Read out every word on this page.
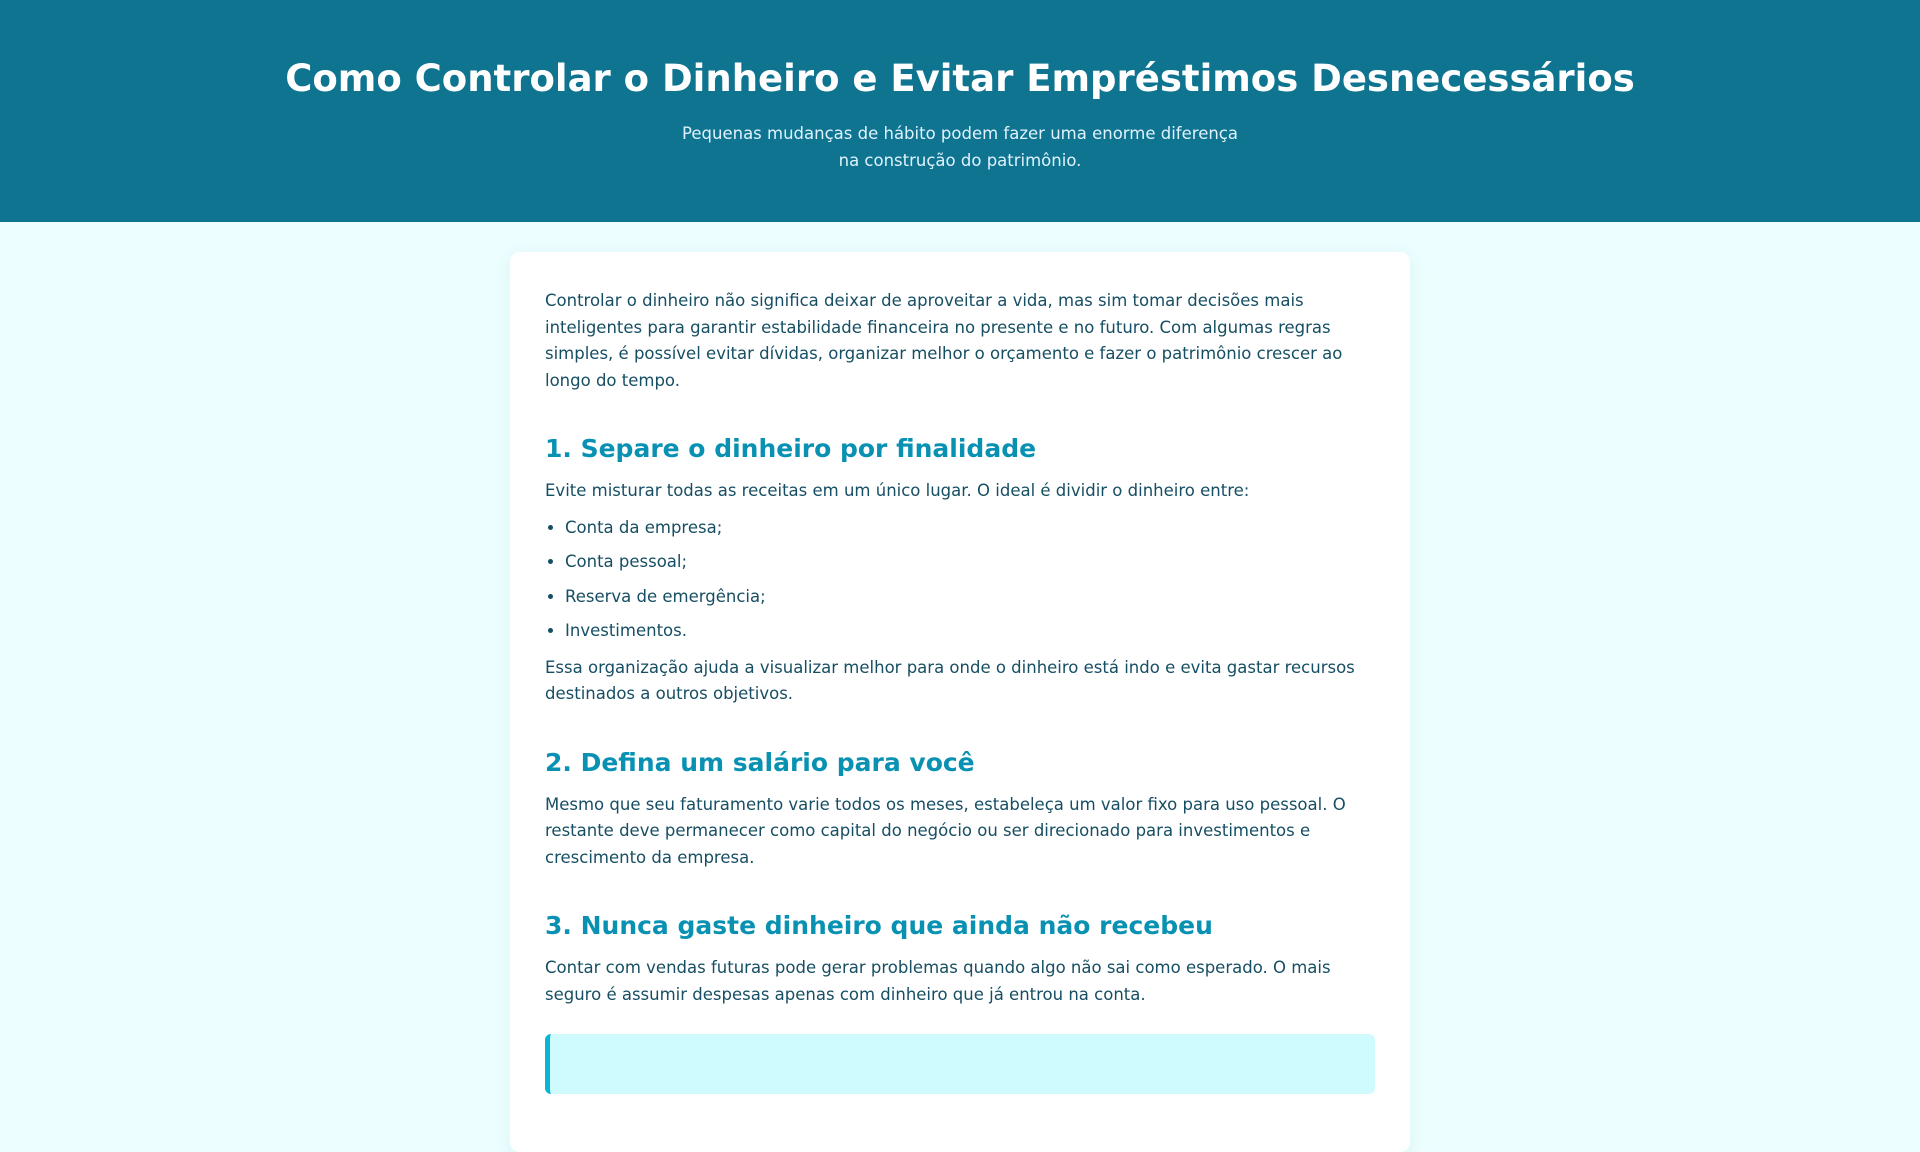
Como Controlar o Dinheiro e Evitar Empréstimos Desnecessários

Pequenas mudanças de hábito podem fazer uma enorme diferença na construção do patrimônio.

Controlar o dinheiro não significa deixar de aproveitar a vida, mas sim tomar decisões mais inteligentes para garantir estabilidade financeira no presente e no futuro. Com algumas regras simples, é possível evitar dívidas, organizar melhor o orçamento e fazer o patrimônio crescer ao longo do tempo.

1. Separe o dinheiro por finalidade

Evite misturar todas as receitas em um único lugar. O ideal é dividir o dinheiro entre:

• Conta da empresa;
• Conta pessoal;
• Reserva de emergência;
• Investimentos.

Essa organização ajuda a visualizar melhor para onde o dinheiro está indo e evita gastar recursos destinados a outros objetivos.

2. Defina um salário para você

Mesmo que seu faturamento varie todos os meses, estabeleça um valor fixo para uso pessoal. O restante deve permanecer como capital do negócio ou ser direcionado para investimentos e crescimento da empresa.

3. Nunca gaste dinheiro que ainda não recebeu

Contar com vendas futuras pode gerar problemas quando algo não sai como esperado. O mais seguro é assumir despesas apenas com dinheiro que já entrou na conta.
